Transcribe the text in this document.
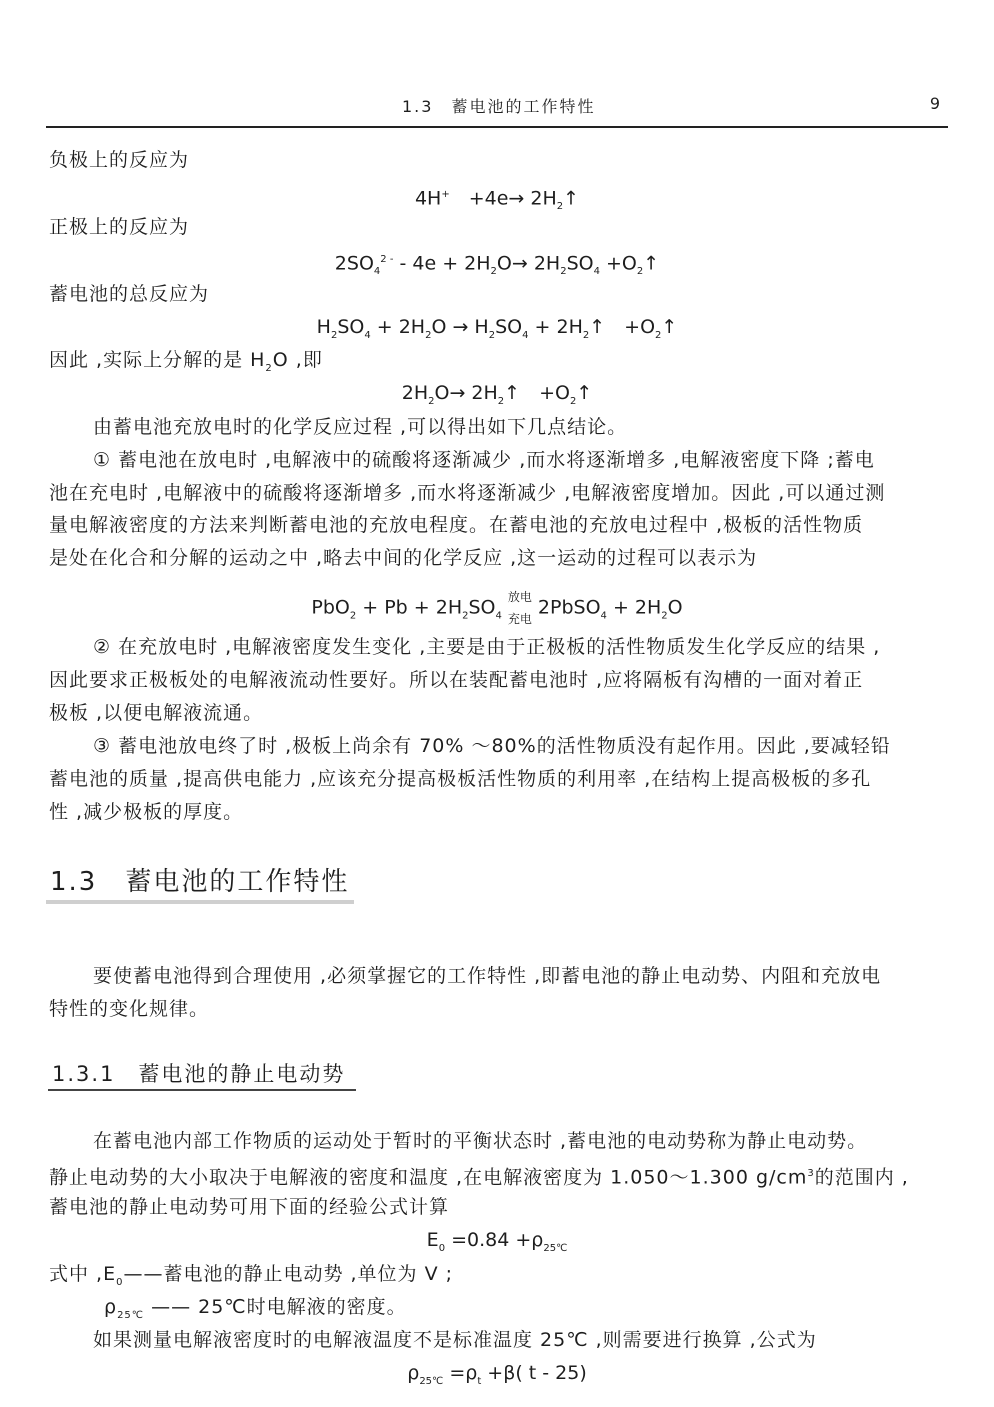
1.3　蓄电池的工作特性	9
负极上的反应为
4H+　$+4e\to 2H_2↑$
正极上的反应为
$2SO_4^{2 -} - 4e + 2H_2O\to 2H_2SO_4$ $+O_2↑$
蓄电池的总反应为
$H_2SO_4 + 2H_2O \to H_2SO_4$ + $2H_2↑$　$+O_2↑$
因此 ,实际上分解的是 $H_2O$ ,即
$2H_2O\to$ $2H_2↑$　$+O_2↑$
由蓄电池充放电时的化学反应过程 ,可以得出如下几点结论。
① 蓄电池在放电时 ,电解液中的硫酸将逐渐减少 ,而水将逐渐增多 ,电解液密度下降 ;蓄电
池在充电时 ,电解液中的硫酸将逐渐增多 ,而水将逐渐减少 ,电解液密度增加。因此 ,可以通过测
量电解液密度的方法来判断蓄电池的充放电程度。在蓄电池的充放电过程中 ,极板的活性物质
是处在化合和分解的运动之中 ,略去中间的化学反应 ,这一运动的过程可以表示为
$PbO_2 + Pb + 2H_2SO_4$
放电
充电
2PbSO$_4$ + $2H_2O$
② 在充放电时 ,电解液密度发生变化 ,主要是由于正极板的活性物质发生化学反应的结果 ,
因此要求正极板处的电解液流动性要好。所以在装配蓄电池时 ,应将隔板有沟槽的一面对着正
极板 ,以便电解液流通。
③ 蓄电池放电终了时 ,极板上尚余有 70% ～80%的活性物质没有起作用。因此 ,要减轻铅
蓄电池的质量 ,提高供电能力 ,应该充分提高极板活性物质的利用率 ,在结构上提高极板的多孔
性 ,减少极板的厚度。
1.3　蓄电池的工作特性
要使蓄电池得到合理使用 ,必须掌握它的工作特性 ,即蓄电池的静止电动势、内阻和充放电
特性的变化规律。
1.3.1　蓄电池的静止电动势
在蓄电池内部工作物质的运动处于暂时的平衡状态时 ,蓄电池的电动势称为静止电动势。
静止电动势的大小取决于电解液的密度和温度 ,在电解液密度为 1.050～1.300 $g/cm^3$的范围内 ,
蓄电池的静止电动势可用下面的经验公式计算
$E_0 =0.84 +\rho_{25℃}$
式中 $,E_0——$蓄电池的静止电动势 ,单位为 V ;
$\rho_{25℃}$ —— 25℃时电解液的密度。
如果测量电解液密度时的电解液温度不是标准温度 25℃ ,则需要进行换算 ,公式为
$\rho_{25℃} =\rho_t +\beta$( t - 25)
